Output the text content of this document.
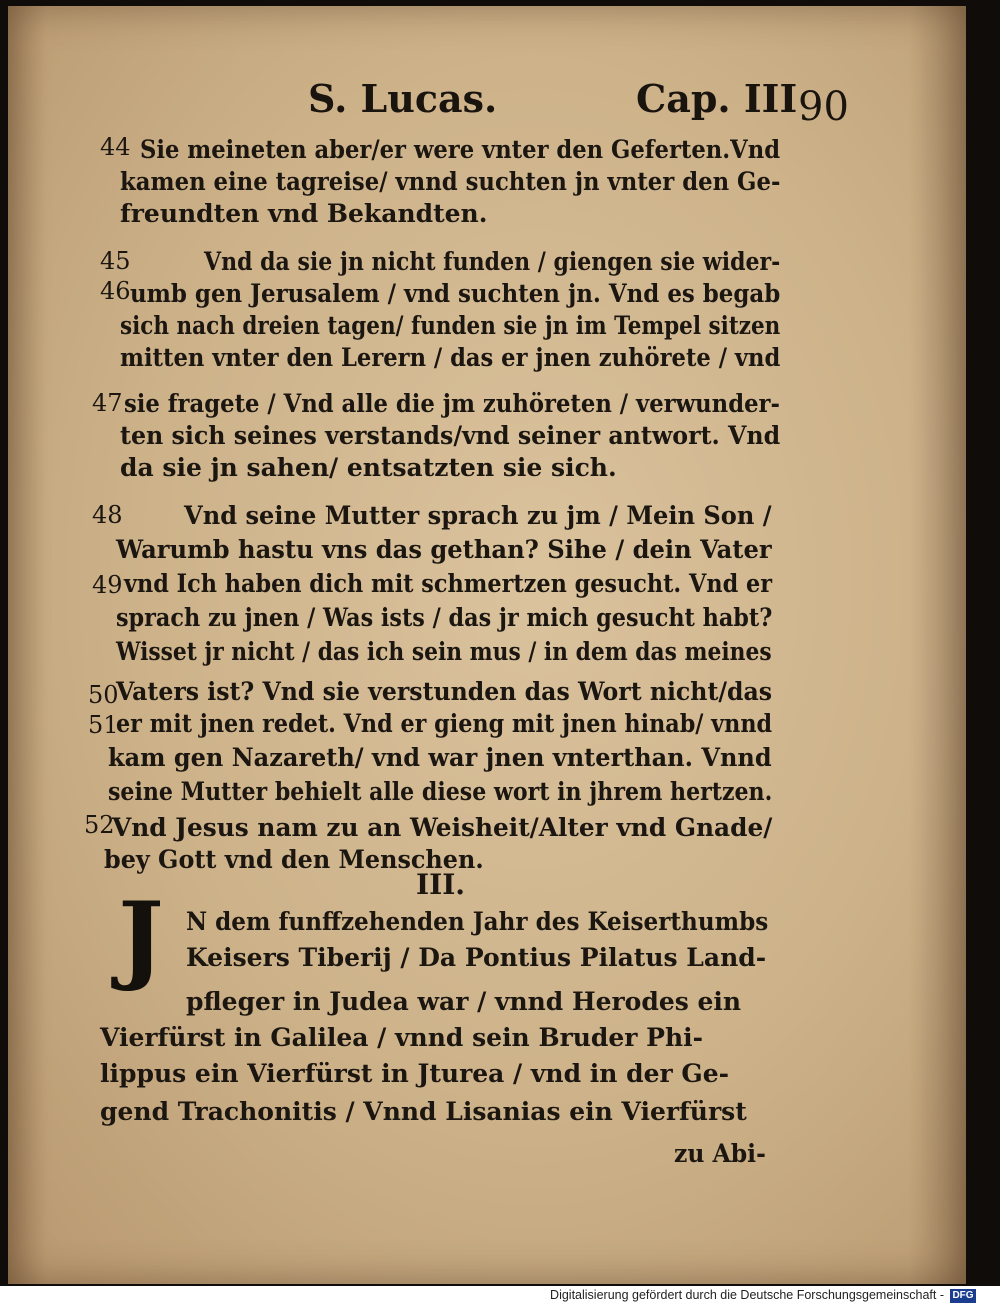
S. Lucas.	Cap. III 90
44
45
46
47
48
49
50
51
52
Sie meineten aber/er were vnter den Geferten.Vnd
kamen eine tagreise/ vnnd suchten jn vnter den Ge-
freundten vnd Bekandten.
Vnd da sie jn nicht funden / giengen sie wider-
umb gen Jerusalem / vnd suchten jn. Vnd es begab
sich nach dreien tagen/ funden sie jn im Tempel sitzen
mitten vnter den Lerern / das er jnen zuhörete / vnd
sie fragete / Vnd alle die jm zuhöreten / verwunder-
ten sich seines verstands/vnd seiner antwort. Vnd
da sie jn sahen/ entsatzten sie sich.
Vnd seine Mutter sprach zu jm / Mein Son /
Warumb hastu vns das gethan? Sihe / dein Vater
vnd Ich haben dich mit schmertzen gesucht. Vnd er
sprach zu jnen / Was ists / das jr mich gesucht habt?
Wisset jr nicht / das ich sein mus / in dem das meines
Vaters ist? Vnd sie verstunden das Wort nicht/das
er mit jnen redet. Vnd er gieng mit jnen hinab/ vnnd
kam gen Nazareth/ vnd war jnen vnterthan. Vnnd
seine Mutter behielt alle diese wort in jhrem hertzen.
Vnd Jesus nam zu an Weisheit/Alter vnd Gnade/
bey Gott vnd den Menschen.
III.
J N dem funffzehenden Jahr des Keiserthumbs
Keisers Tiberij / Da Pontius Pilatus Land-
pfleger in Judea war / vnnd Herodes ein
Vierfürst in Galilea / vnnd sein Bruder Phi-
lippus ein Vierfürst in Jturea / vnd in der Ge-
gend Trachonitis / Vnnd Lisanias ein Vierfürst
zu Abi-
Digitalisierung gefördert durch die Deutsche Forschungsgemeinschaft - DFG
